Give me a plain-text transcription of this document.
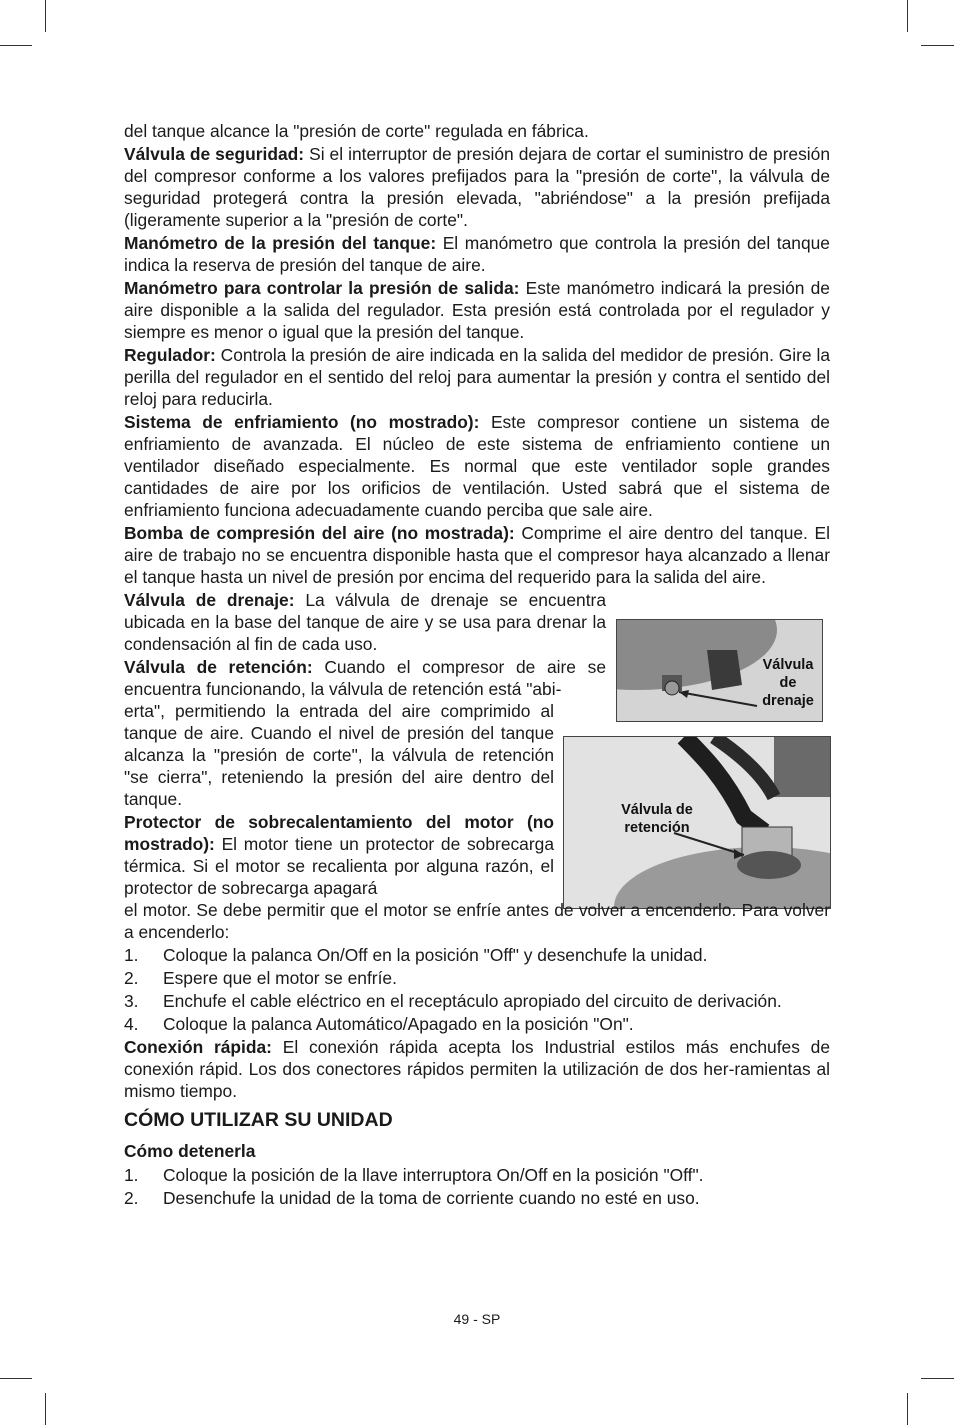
Válvula
de
drenaje
Válvula de
retención

del tanque alcance la "presión de corte" regulada en fábrica.

Válvula de seguridad: Si el interruptor de presión dejara de cortar el suministro de presión del compresor conforme a los valores prefijados para la "presión de corte", la válvula de seguridad protegerá contra la presión elevada, "abriéndose" a la presión prefijada (ligeramente superior a la "presión de corte".

Manómetro de la presión del tanque: El manómetro que controla la presión del tanque indica la reserva de presión del tanque de aire.

Manómetro para controlar la presión de salida: Este manómetro indicará la presión de aire disponible a la salida del regulador. Esta presión está controlada por el regulador y siempre es menor o igual que la presión del tanque.

Regulador: Controla la presión de aire indicada en la salida del medidor de presión. Gire la perilla del regulador en el sentido del reloj para aumentar la presión y contra el sentido del reloj para reducirla.

Sistema de enfriamiento (no mostrado): Este compresor contiene un sistema de enfriamiento de avanzada. El núcleo de este sistema de enfriamiento contiene un ventilador diseñado especialmente. Es normal que este ventilador sople grandes cantidades de aire por los orificios de ventilación. Usted sabrá que el sistema de enfriamiento funciona adecuadamente cuando perciba que sale aire.

Bomba de compresión del aire (no mostrada): Comprime el aire dentro del tanque. El aire de trabajo no se encuentra disponible hasta que el compresor haya alcanzado a llenar el tanque hasta un nivel de presión por encima del requerido para la salida del aire.

Válvula de drenaje: La válvula de drenaje se encuentra ubicada en la base del tanque de aire y se usa para drenar la condensación al fin de cada uso.

Válvula de retención: Cuando el compresor de aire se encuentra funcionando, la válvula de retención está "abi-

erta", permitiendo la entrada del aire comprimido al tanque de aire. Cuando el nivel de presión del tanque alcanza la "presión de corte", la válvula de retención "se cierra", reteniendo la presión del aire dentro del tanque.

Protector de sobrecalentamiento del motor (no mostrado): El motor tiene un protector de sobrecarga térmica. Si el motor se recalienta por alguna razón, el protector de sobrecarga apagará

el motor. Se debe permitir que el motor se enfríe antes de volver a encenderlo. Para volver a encenderlo:

1. Coloque la palanca On/Off en la posición "Off" y desenchufe la unidad.
2. Espere que el motor se enfríe.
3. Enchufe el cable eléctrico en el receptáculo apropiado del circuito de derivación.
4. Coloque la palanca Automático/Apagado en la posición "On".

Conexión rápida: El conexión rápida acepta los Industrial estilos más enchufes de conexión rápid. Los dos conectores rápidos permiten la utilización de dos her-ramientas al mismo tiempo.

CÓMO UTILIZAR SU UNIDAD
Cómo detenerla
1. Coloque la posición de la llave interruptora On/Off en la posición "Off".
2. Desenchufe la unidad de la toma de corriente cuando no esté en uso.
49 - SP
